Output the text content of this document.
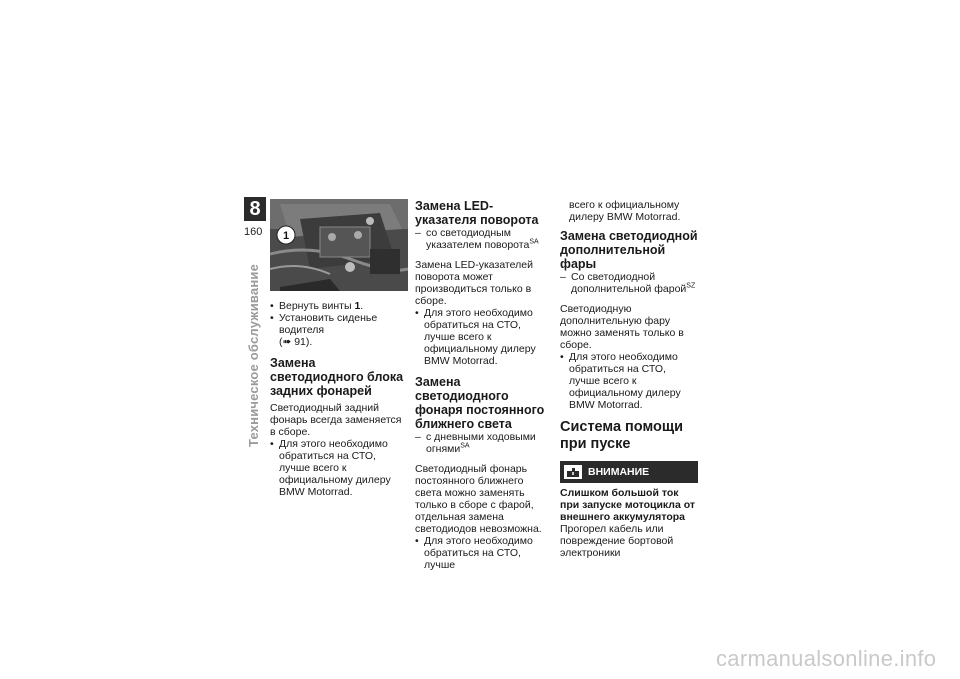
8
160
Техническое обслуживание
1
• Вернуть винты 1.
• Установить сиденье водителя
(➠ 91).
Замена светодиодного блока задних фонарей

Светодиодный задний фонарь всегда заменяется в сборе.

• Для этого необходимо обратиться на СТО, лучше всего к официальному дилеру BMW Motorrad.
Замена LED-указателя поворота
– со светодиодным указателем поворота$^{SA}$

Замена LED-указателей поворота может производиться только в сборе.

• Для этого необходимо обратиться на СТО, лучше всего к официальному дилеру BMW Motorrad.
Замена светодиодного фонаря постоянного ближнего света
– с дневными ходовыми огнями$^{SA}$

Светодиодный фонарь постоянного ближнего света можно заменять только в сборе с фарой, отдельная замена светодиодов невозможна.

• Для этого необходимо обратиться на СТО, лучше
всего к официальному дилеру BMW Motorrad.
Замена светодиодной дополнительной фары
– Со светодиодной дополнительной фарой$^{SZ}$

Светодиодную дополнительную фару можно заменять только в сборе.

• Для этого необходимо обратиться на СТО, лучше всего к официальному дилеру BMW Motorrad.
Система помощи при пуске
ВНИМАНИЕ

Слишком большой ток при запуске мотоцикла от внешнего аккумулятора

Прогорел кабель или повреждение бортовой электроники

carmanualsonline.info
